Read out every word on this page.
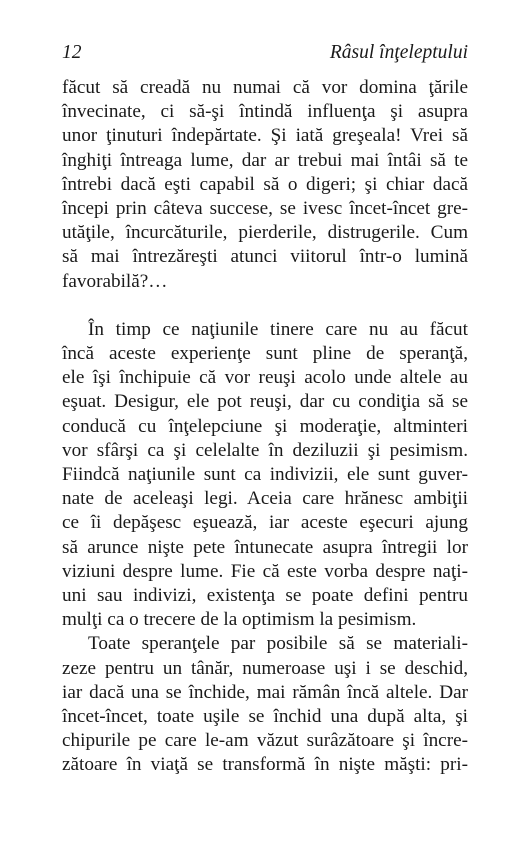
12	Râsul înţeleptului
făcut să creadă nu numai că vor domina ţările
învecinate, ci să-şi întindă influenţa şi asupra
unor ţinuturi îndepărtate. Şi iată greşeala! Vrei să
înghiţi întreaga lume, dar ar trebui mai întâi să te
întrebi dacă eşti capabil să o digeri; şi chiar dacă
începi prin câteva succese, se ivesc încet-încet gre-
utăţile, încurcăturile, pierderile, distrugerile. Cum
să mai întrezăreşti atunci viitorul într-o lumină
favorabilă?…
În timp ce naţiunile tinere care nu au făcut
încă aceste experienţe sunt pline de speranţă,
ele îşi închipuie că vor reuşi acolo unde altele au
eşuat. Desigur, ele pot reuşi, dar cu condiţia să se
conducă cu înţelepciune şi moderaţie, altminteri
vor sfârşi ca şi celelalte în deziluzii şi pesimism.
Fiindcă naţiunile sunt ca indivizii, ele sunt guver-
nate de aceleaşi legi. Aceia care hrănesc ambiţii
ce îi depăşesc eşuează, iar aceste eşecuri ajung
să arunce nişte pete întunecate asupra întregii lor
viziuni despre lume. Fie că este vorba despre naţi-
uni sau indivizi, existenţa se poate defini pentru
mulţi ca o trecere de la optimism la pesimism.
Toate speranţele par posibile să se materiali-
zeze pentru un tânăr, numeroase uşi i se deschid,
iar dacă una se închide, mai rămân încă altele. Dar
încet-încet, toate uşile se închid una după alta, şi
chipurile pe care le-am văzut surâzătoare şi încre-
zătoare în viaţă se transformă în nişte măşti: pri-
